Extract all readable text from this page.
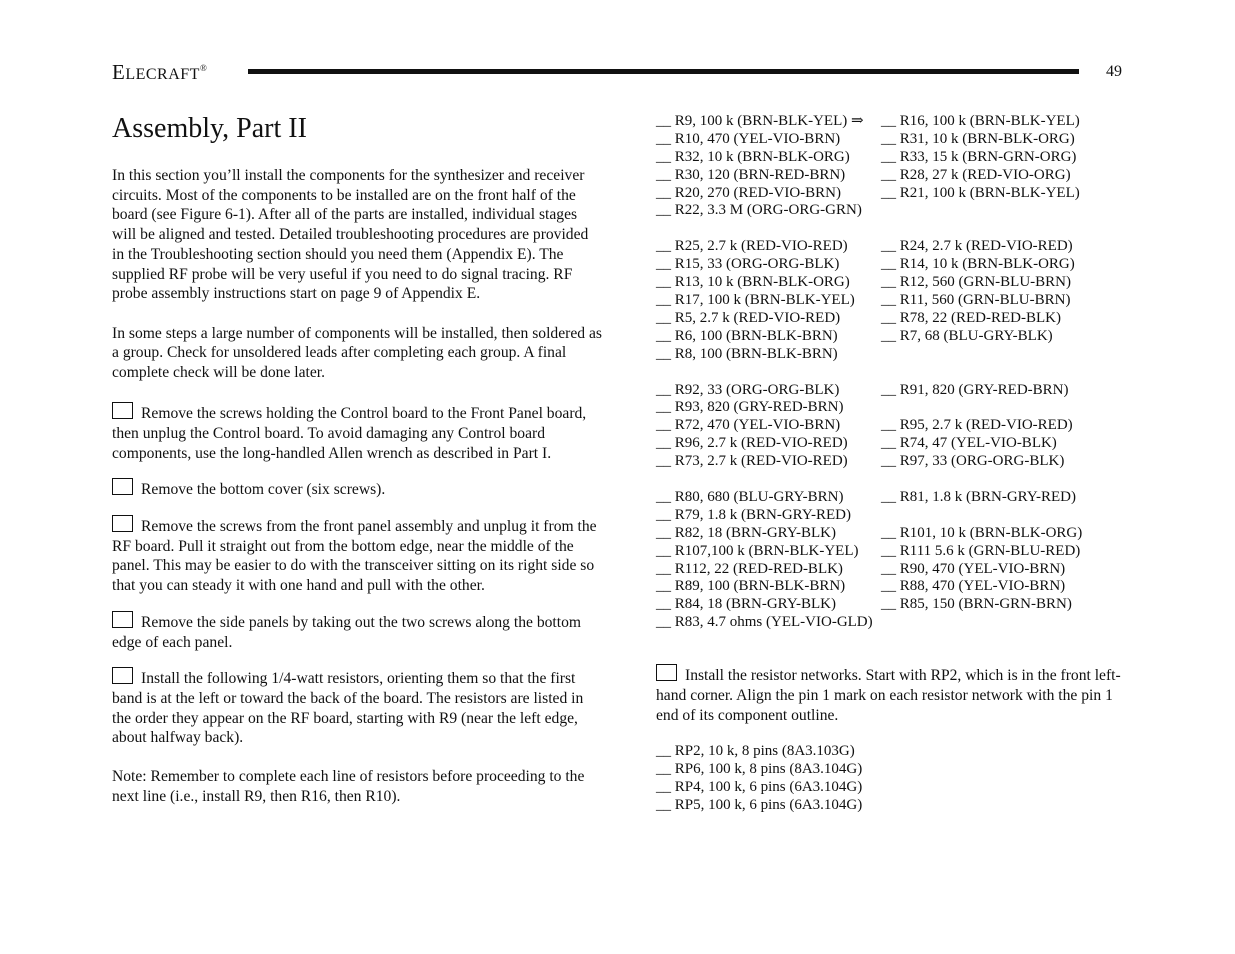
ELECRAFT®	49
Assembly, Part II

In this section you’ll install the components for the synthesizer and receiver circuits. Most of the components to be installed are on the front half of the board (see Figure 6-1). After all of the parts are installed, individual stages will be aligned and tested. Detailed troubleshooting procedures are provided in the Troubleshooting section should you need them (Appendix E). The supplied RF probe will be very useful if you need to do signal tracing. RF probe assembly instructions start on page 9 of Appendix E.

In some steps a large number of components will be installed, then soldered as a group. Check for unsoldered leads after completing each group. A final complete check will be done later.

Remove the screws holding the Control board to the Front Panel board, then unplug the Control board. To avoid damaging any Control board components, use the long-handled Allen wrench as described in Part I.

Remove the bottom cover (six screws).

Remove the screws from the front panel assembly and unplug it from the RF board. Pull it straight out from the bottom edge, near the middle of the panel. This may be easier to do with the transceiver sitting on its right side so that you can steady it with one hand and pull with the other.

Remove the side panels by taking out the two screws along the bottom edge of each panel.

Install the following 1/4-watt resistors, orienting them so that the first band is at the left or toward the back of the board. The resistors are listed in the order they appear on the RF board, starting with R9 (near the left edge, about halfway back).

Note: Remember to complete each line of resistors before proceeding to the next line (i.e., install R9, then R16, then R10).

__ R9, 100 k (BRN-BLK-YEL) ⇒	__ R16, 100 k (BRN-BLK-YEL)
__ R10, 470 (YEL-VIO-BRN)	__ R31, 10 k (BRN-BLK-ORG)
__ R32, 10 k (BRN-BLK-ORG)	__ R33, 15 k (BRN-GRN-ORG)
__ R30, 120 (BRN-RED-BRN)	__ R28, 27 k (RED-VIO-ORG)
__ R20, 270 (RED-VIO-BRN)	__ R21, 100 k (BRN-BLK-YEL)
__ R22, 3.3 M (ORG-ORG-GRN)
__ R25, 2.7 k (RED-VIO-RED)	__ R24, 2.7 k (RED-VIO-RED)
__ R15, 33 (ORG-ORG-BLK)	__ R14, 10 k (BRN-BLK-ORG)
__ R13, 10 k (BRN-BLK-ORG)	__ R12, 560 (GRN-BLU-BRN)
__ R17, 100 k (BRN-BLK-YEL)	__ R11, 560 (GRN-BLU-BRN)
__ R5, 2.7 k (RED-VIO-RED)	__ R78, 22 (RED-RED-BLK)
__ R6, 100 (BRN-BLK-BRN)	__ R7, 68 (BLU-GRY-BLK)
__ R8, 100 (BRN-BLK-BRN)
__ R92, 33 (ORG-ORG-BLK)	__ R91, 820 (GRY-RED-BRN)
__ R93, 820 (GRY-RED-BRN)
__ R72, 470 (YEL-VIO-BRN)	__ R95, 2.7 k (RED-VIO-RED)
__ R96, 2.7 k (RED-VIO-RED)	__ R74, 47 (YEL-VIO-BLK)
__ R73, 2.7 k (RED-VIO-RED)	__ R97, 33 (ORG-ORG-BLK)
__ R80, 680 (BLU-GRY-BRN)	__ R81, 1.8 k (BRN-GRY-RED)
__ R79, 1.8 k (BRN-GRY-RED)
__ R82, 18 (BRN-GRY-BLK)	__ R101, 10 k (BRN-BLK-ORG)
__ R107,100 k (BRN-BLK-YEL)	__ R111 5.6 k (GRN-BLU-RED)
__ R112, 22 (RED-RED-BLK)	__ R90, 470 (YEL-VIO-BRN)
__ R89, 100 (BRN-BLK-BRN)	__ R88, 470 (YEL-VIO-BRN)
__ R84, 18 (BRN-GRY-BLK)	__ R85, 150 (BRN-GRN-BRN)
__ R83, 4.7 ohms (YEL-VIO-GLD)

Install the resistor networks. Start with RP2, which is in the front left-hand corner. Align the pin 1 mark on each resistor network with the pin 1 end of its component outline.

__ RP2, 10 k, 8 pins (8A3.103G)
__ RP6, 100 k, 8 pins (8A3.104G)
__ RP4, 100 k, 6 pins (6A3.104G)
__ RP5, 100 k, 6 pins (6A3.104G)
